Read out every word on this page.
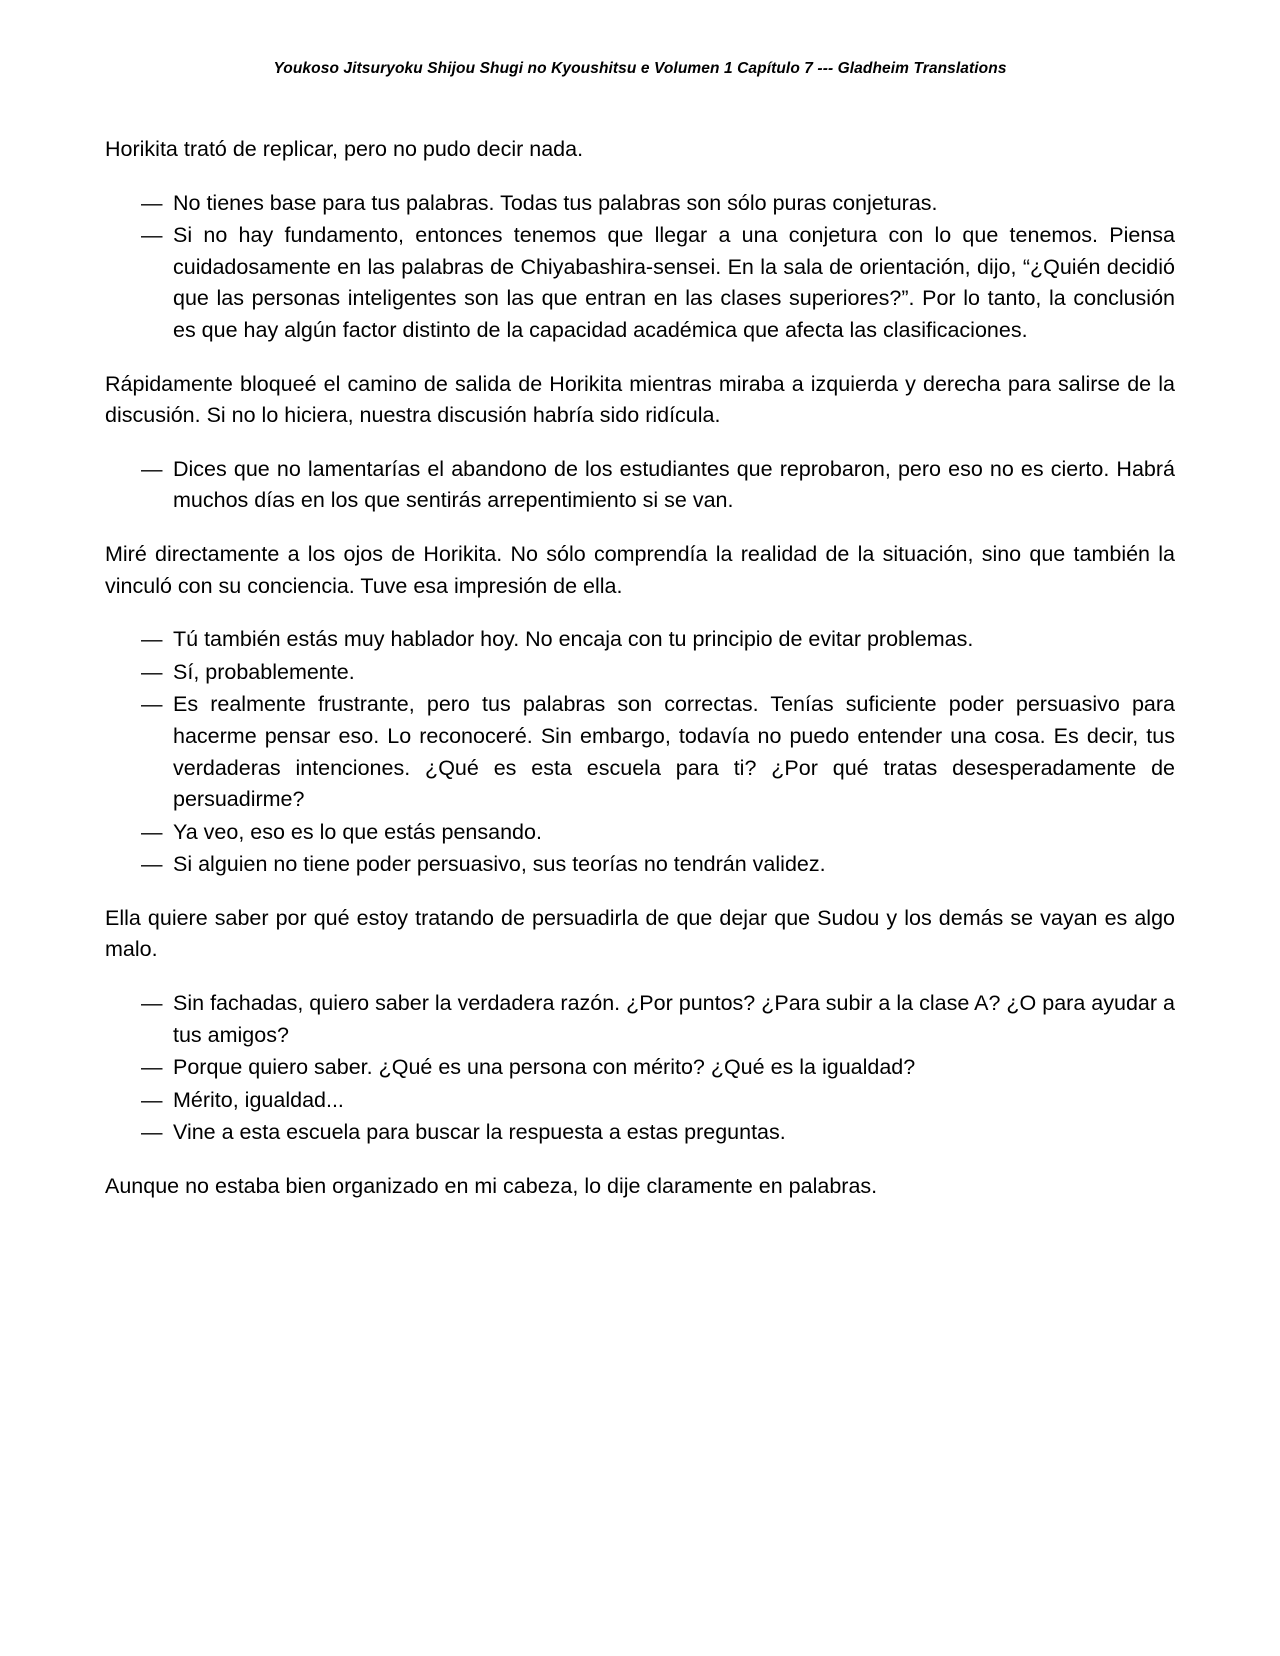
Youkoso Jitsuryoku Shijou Shugi no Kyoushitsu e Volumen 1 Capítulo 7 --- Gladheim Translations

Horikita trató de replicar, pero no pudo decir nada.

— No tienes base para tus palabras. Todas tus palabras son sólo puras conjeturas.
— Si no hay fundamento, entonces tenemos que llegar a una conjetura con lo que tenemos. Piensa cuidadosamente en las palabras de Chiyabashira-sensei. En la sala de orientación, dijo, “¿Quién decidió que las personas inteligentes son las que entran en las clases superiores?”. Por lo tanto, la conclusión es que hay algún factor distinto de la capacidad académica que afecta las clasificaciones.

Rápidamente bloqueé el camino de salida de Horikita mientras miraba a izquierda y derecha para salirse de la discusión. Si no lo hiciera, nuestra discusión habría sido ridícula.

— Dices que no lamentarías el abandono de los estudiantes que reprobaron, pero eso no es cierto. Habrá muchos días en los que sentirás arrepentimiento si se van.

Miré directamente a los ojos de Horikita. No sólo comprendía la realidad de la situación, sino que también la vinculó con su conciencia. Tuve esa impresión de ella.

— Tú también estás muy hablador hoy. No encaja con tu principio de evitar problemas.
— Sí, probablemente.
— Es realmente frustrante, pero tus palabras son correctas. Tenías suficiente poder persuasivo para hacerme pensar eso. Lo reconoceré. Sin embargo, todavía no puedo entender una cosa. Es decir, tus verdaderas intenciones. ¿Qué es esta escuela para ti? ¿Por qué tratas desesperadamente de persuadirme?
— Ya veo, eso es lo que estás pensando.
— Si alguien no tiene poder persuasivo, sus teorías no tendrán validez.

Ella quiere saber por qué estoy tratando de persuadirla de que dejar que Sudou y los demás se vayan es algo malo.

— Sin fachadas, quiero saber la verdadera razón. ¿Por puntos? ¿Para subir a la clase A? ¿O para ayudar a tus amigos?
— Porque quiero saber. ¿Qué es una persona con mérito? ¿Qué es la igualdad?
— Mérito, igualdad...
— Vine a esta escuela para buscar la respuesta a estas preguntas.

Aunque no estaba bien organizado en mi cabeza, lo dije claramente en palabras.
